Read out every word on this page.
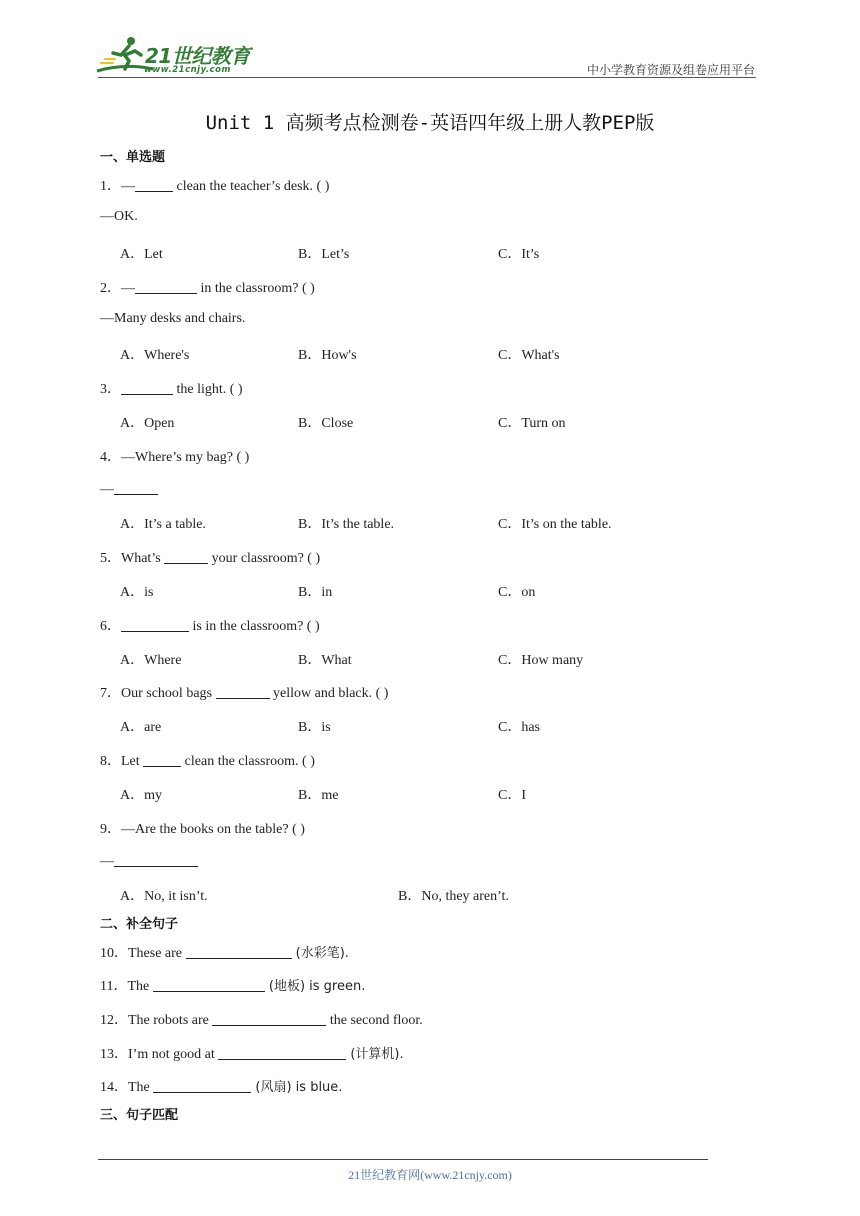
21世纪教育
www.21cnjy.com	中小学教育资源及组卷应用平台
Unit 1 高频考点检测卷-英语四年级上册人教PEP版
一、单选题
1．—	clean the teacher’s desk. ( )
—OK.
A．Let	B．Let’s	C．It’s
2．—	in the classroom? ( )
—Many desks and chairs.
A．Where's	B．How's	C．What's
3．	the light. ( )
A．Open	B．Close	C．Turn on
4．—Where’s my bag? ( )
—
A．It’s a table.	B．It’s the table.	C．It’s on the table.
5．What’s	your classroom? ( )
A．is	B．in	C．on
6．	is in the classroom? ( )
A．Where	B．What	C．How many
7．Our school bags	yellow and black. ( )
A．are	B．is	C．has
8．Let	clean the classroom. ( )
A．my	B．me	C．I
9．—Are the books on the table? ( )
—
A．No, it isn’t.	B．No, they aren’t.
二、补全句子
10．These are	(水彩笔).
11．The	(地板) is green.
12．The robots are	the second floor.
13．I’m not good at	(计算机).
14．The	(风扇) is blue.
三、句子匹配
21世纪教育网(www.21cnjy.com)
